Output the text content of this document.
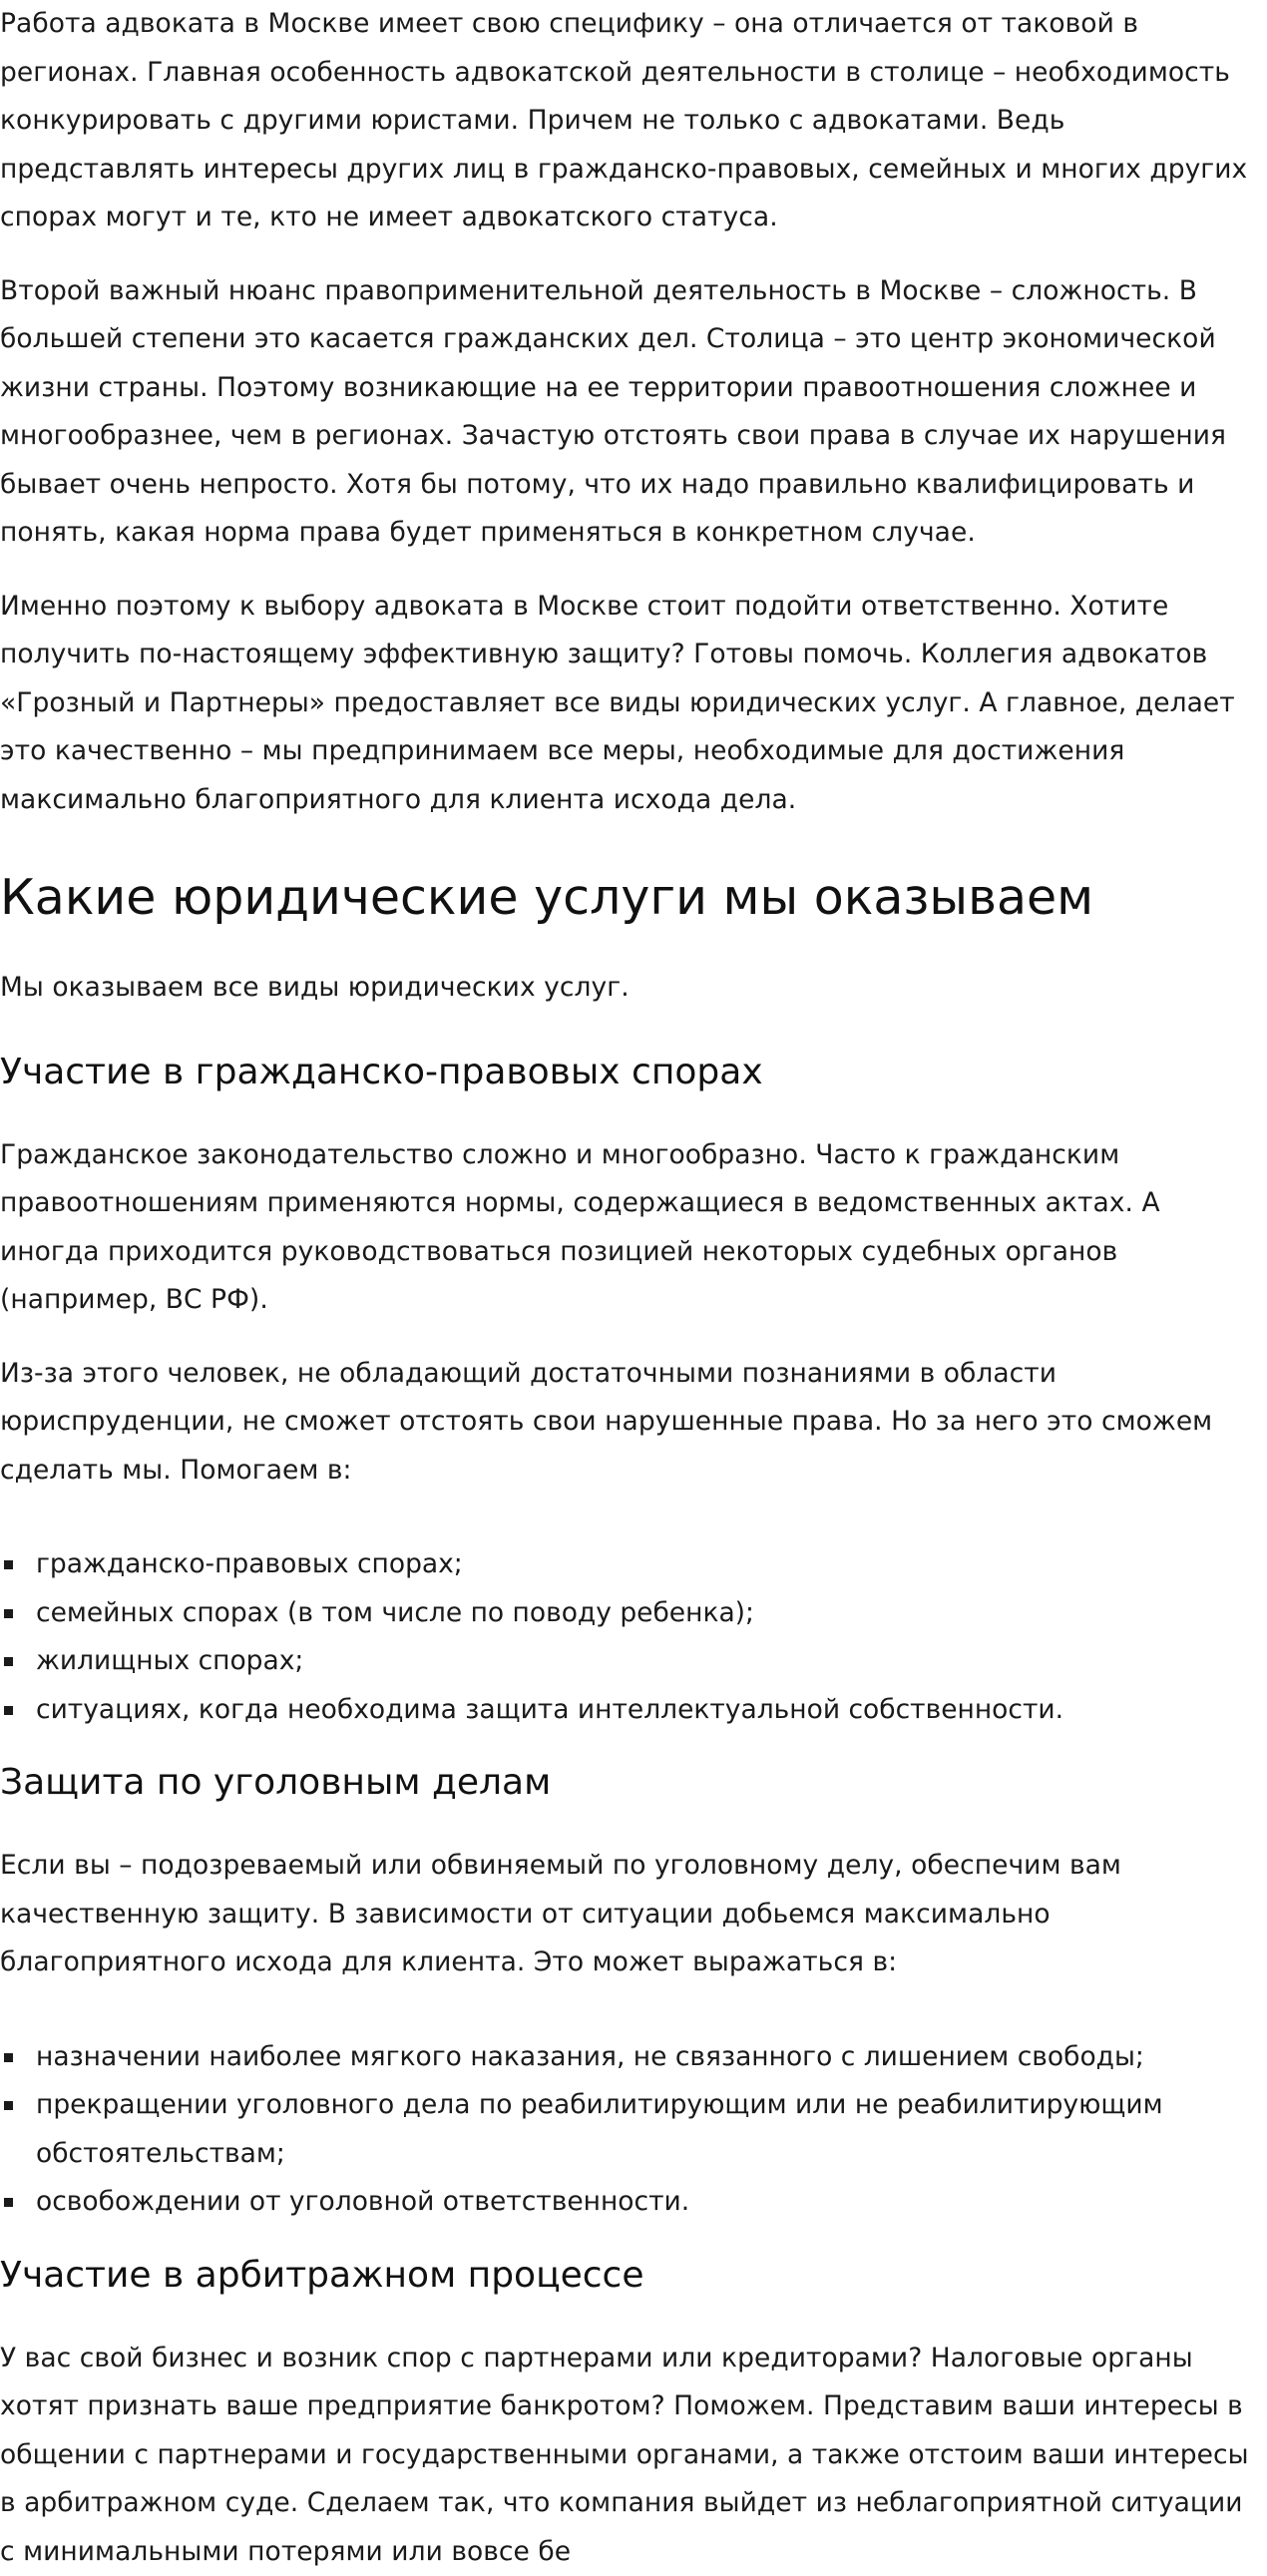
Работа адвоката в Москве имеет свою специфику – она отличается от таковой в регионах. Главная особенность адвокатской деятельности в столице – необходимость конкурировать с другими юристами. Причем не только с адвокатами. Ведь представлять интересы других лиц в гражданско-правовых, семейных и многих других спорах могут и те, кто не имеет адвокатского статуса.

Второй важный нюанс правоприменительной деятельность в Москве – сложность. В большей степени это касается гражданских дел. Столица – это центр экономической жизни страны. Поэтому возникающие на ее территории правоотношения сложнее и многообразнее, чем в регионах. Зачастую отстоять свои права в случае их нарушения бывает очень непросто. Хотя бы потому, что их надо правильно квалифицировать и понять, какая норма права будет применяться в конкретном случае.

Именно поэтому к выбору адвоката в Москве стоит подойти ответственно. Хотите получить по-настоящему эффективную защиту? Готовы помочь. Коллегия адвокатов «Грозный и Партнеры» предоставляет все виды юридических услуг. А главное, делает это качественно – мы предпринимаем все меры, необходимые для достижения максимально благоприятного для клиента исхода дела.

Какие юридические услуги мы оказываем

Мы оказываем все виды юридических услуг.

Участие в гражданско-правовых спорах

Гражданское законодательство сложно и многообразно. Часто к гражданским правоотношениям применяются нормы, содержащиеся в ведомственных актах. А иногда приходится руководствоваться позицией некоторых судебных органов (например, ВС РФ).

Из-за этого человек, не обладающий достаточными познаниями в области юриспруденции, не сможет отстоять свои нарушенные права. Но за него это сможем сделать мы. Помогаем в:

гражданско-правовых спорах;
семейных спорах (в том числе по поводу ребенка);
жилищных спорах;
ситуациях, когда необходима защита интеллектуальной собственности.
Защита по уголовным делам

Если вы – подозреваемый или обвиняемый по уголовному делу, обеспечим вам качественную защиту. В зависимости от ситуации добьемся максимально благоприятного исхода для клиента. Это может выражаться в:

назначении наиболее мягкого наказания, не связанного с лишением свободы;
прекращении уголовного дела по реабилитирующим или не реабилитирующим обстоятельствам;
освобождении от уголовной ответственности.
Участие в арбитражном процессе

У вас свой бизнес и возник спор с партнерами или кредиторами? Налоговые органы хотят признать ваше предприятие банкротом? Поможем. Представим ваши интересы в общении с партнерами и государственными органами, а также отстоим ваши интересы в арбитражном суде. Сделаем так, что компания выйдет из неблагоприятной ситуации с минимальными потерями или вовсе бе
